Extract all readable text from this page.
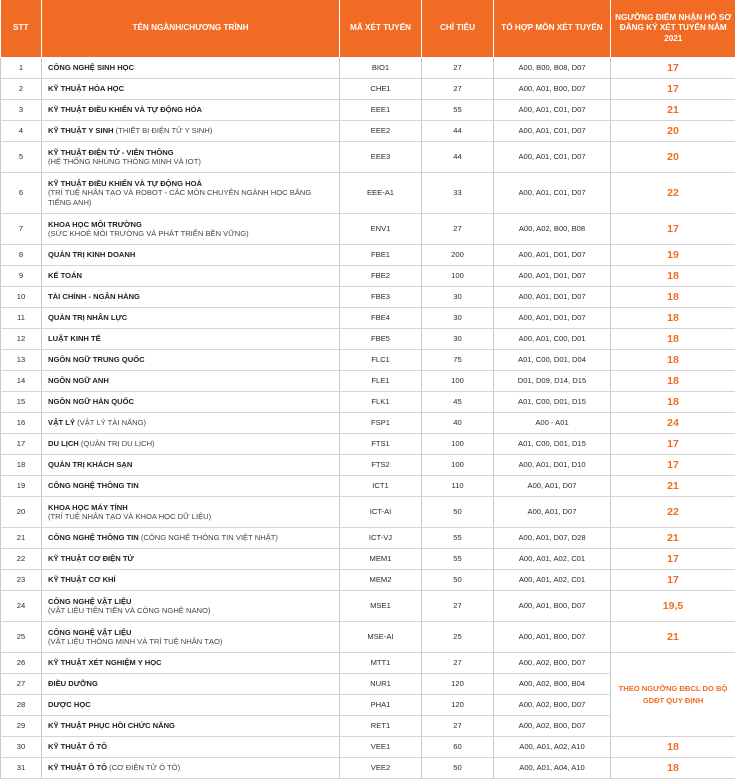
STT	TÊN NGÀNH/CHƯƠNG TRÌNH	MÃ XÉT TUYỂN	CHỈ TIÊU	TỔ HỢP MÔN XÉT TUYỂN	NGƯỠNG ĐIỂM NHẬN HỒ SƠ ĐĂNG KÝ XÉT TUYỂN NĂM 2021
1	CÔNG NGHỆ SINH HỌC	BIO1	27	A00, B00, B08, D07	17
2	KỸ THUẬT HÓA HỌC	CHE1	27	A00, A01, B00, D07	17
3	KỸ THUẬT ĐIỀU KHIỂN VÀ TỰ ĐỘNG HÓA	EEE1	55	A00, A01, C01, D07	21
4	KỸ THUẬT Y SINH (THIẾT BỊ ĐIỆN TỬ Y SINH)	EEE2	44	A00, A01, C01, D07	20
5	KỸ THUẬT ĐIỆN TỬ - VIỄN THÔNG
(HỆ THỐNG NHÚNG THÔNG MINH VÀ IOT)	EEE3	44	A00, A01, C01, D07	20
6	KỸ THUẬT ĐIỀU KHIỂN VÀ TỰ ĐỘNG HOÁ
(TRÍ TUỆ NHÂN TẠO VÀ ROBOT - CÁC MÔN CHUYÊN NGÀNH HỌC BẰNG TIẾNG ANH)	EEE-A1	33	A00, A01, C01, D07	22
7	KHOA HỌC MÔI TRƯỜNG
(SỨC KHOẺ MÔI TRƯỜNG VÀ PHÁT TRIỂN BỀN VỮNG)	ENV1	27	A00, A02, B00, B08	17
8	QUẢN TRỊ KINH DOANH	FBE1	200	A00, A01, D01, D07	19
9	KẾ TOÁN	FBE2	100	A00, A01, D01, D07	18
10	TÀI CHÍNH - NGÂN HÀNG	FBE3	30	A00, A01, D01, D07	18
11	QUẢN TRỊ NHÂN LỰC	FBE4	30	A00, A01, D01, D07	18
12	LUẬT KINH TẾ	FBE5	30	A00, A01, C00, D01	18
13	NGÔN NGỮ TRUNG QUỐC	FLC1	75	A01, C00, D01, D04	18
14	NGÔN NGỮ ANH	FLE1	100	D01, D09, D14, D15	18
15	NGÔN NGỮ HÀN QUỐC	FLK1	45	A01, C00, D01, D15	18
16	VẬT LÝ (VẬT LÝ TÀI NĂNG)	FSP1	40	A00 - A01	24
17	DU LỊCH (QUẢN TRỊ DU LỊCH)	FTS1	100	A01, C00, D01, D15	17
18	QUẢN TRỊ KHÁCH SẠN	FTS2	100	A00, A01, D01, D10	17
19	CÔNG NGHỆ THÔNG TIN	ICT1	110	A00, A01, D07	21
20	KHOA HỌC MÁY TÍNH
(TRÍ TUỆ NHÂN TẠO VÀ KHOA HỌC DỮ LIỆU)	ICT-AI	50	A00, A01, D07	22
21	CÔNG NGHỆ THÔNG TIN (CÔNG NGHỆ THÔNG TIN VIỆT NHẬT)	ICT-VJ	55	A00, A01, D07, D28	21
22	KỸ THUẬT CƠ ĐIỆN TỬ	MEM1	55	A00, A01, A02, C01	17
23	KỸ THUẬT CƠ KHÍ	MEM2	50	A00, A01, A02, C01	17
24	CÔNG NGHỆ VẬT LIỆU
(VẬT LIỆU TIÊN TIẾN VÀ CÔNG NGHỆ NANO)	MSE1	27	A00, A01, B00, D07	19,5
25	CÔNG NGHỆ VẬT LIỆU
(VẬT LIỆU THÔNG MINH VÀ TRÍ TUỆ NHÂN TẠO)	MSE-AI	25	A00, A01, B00, D07	21
26	KỸ THUẬT XÉT NGHIỆM Y HỌC	MTT1	27	A00, A02, B00, D07	THEO NGƯỠNG ĐBCL DO BỘ GDĐT QUY ĐỊNH

27	ĐIỀU DƯỠNG	NUR1	120	A00, A02, B00, B04	
28	DƯỢC HỌC	PHA1	120	A00, A02, B00, D07	
29	KỸ THUẬT PHỤC HỒI CHỨC NĂNG	RET1	27	A00, A02, B00, D07	
30	KỸ THUẬT Ô TÔ	VEE1	60	A00, A01, A02, A10	18
31	KỸ THUẬT Ô TÔ (CƠ ĐIỆN TỬ Ô TÔ)	VEE2	50	A00, A01, A04, A10	18
